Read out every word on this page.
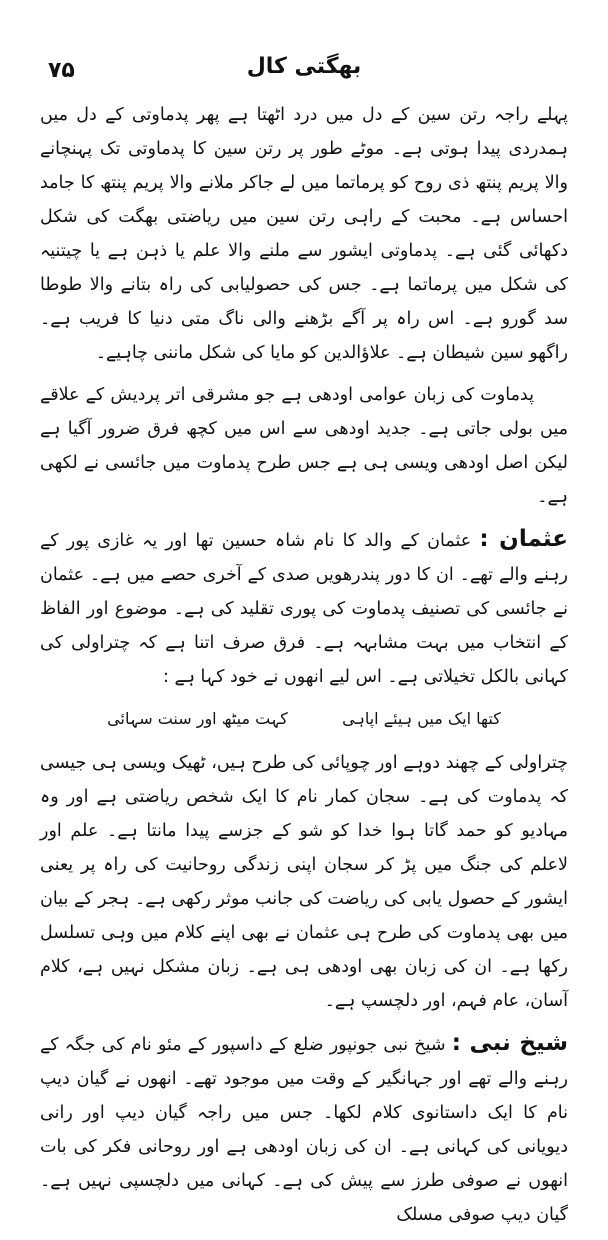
۷۵	بھگتی کال

پہلے راجہ رتن سین کے دل میں درد اٹھتا ہے پھر پدماوتی کے دل میں ہمدردی پیدا ہوتی ہے۔ موٹے طور پر رتن سین کا پدماوتی تک پہنچانے والا پریم پنتھ ذی روح کو پرماتما میں لے جاکر ملانے والا پریم پنتھ کا جامد احساس ہے۔ محبت کے راہی رتن سین میں ریاضتی بھگت کی شکل دکھائی گئی ہے۔ پدماوتی ایشور سے ملنے والا علم یا ذہن ہے یا چیتنیہ کی شکل میں پرماتما ہے۔ جس کی حصولیابی کی راہ بتانے والا طوطا سد گورو ہے۔ اس راہ پر آگے بڑھنے والی ناگ متی دنیا کا فریب ہے۔ راگھو سین شیطان ہے۔ علاؤالدین کو مایا کی شکل ماننی چاہیے۔

پدماوت کی زبان عوامی اودھی ہے جو مشرقی اتر پردیش کے علاقے میں بولی جاتی ہے۔ جدید اودھی سے اس میں کچھ فرق ضرور آگیا ہے لیکن اصل اودھی ویسی ہی ہے جس طرح پدماوت میں جائسی نے لکھی ہے۔

عثمان : عثمان کے والد کا نام شاہ حسین تھا اور یہ غازی پور کے رہنے والے تھے۔ ان کا دور پندرھویں صدی کے آخری حصے میں ہے۔ عثمان نے جائسی کی تصنیف پدماوت کی پوری تقلید کی ہے۔ موضوع اور الفاظ کے انتخاب میں بہت مشابہہ ہے۔ فرق صرف اتنا ہے کہ چتراولی کی کہانی بالکل تخیلاتی ہے۔ اس لیے انھوں نے خود کہا ہے :

کتھا ایک میں ہیئے اپاہی
کہت میٹھ اور سنت سہائی

چتراولی کے چھند دوہے اور چوپائی کی طرح ہیں، ٹھیک ویسی ہی جیسی کہ پدماوت کی ہے۔ سجان کمار نام کا ایک شخص ریاضتی ہے اور وہ مہادیو کو حمد گاتا ہوا خدا کو شو کے جزسے پیدا مانتا ہے۔ علم اور لاعلم کی جنگ میں پڑ کر سجان اپنی زندگی روحانیت کی راہ پر یعنی ایشور کے حصول یابی کی ریاضت کی جانب موثر رکھی ہے۔ ہجر کے بیان میں بھی پدماوت کی طرح ہی عثمان نے بھی اپنے کلام میں وہی تسلسل رکھا ہے۔ ان کی زبان بھی اودھی ہی ہے۔ زبان مشکل نہیں ہے، کلام آسان، عام فہم، اور دلچسپ ہے۔

شیخ نبی : شیخ نبی جونپور ضلع کے داسپور کے مئو نام کی جگہ کے رہنے والے تھے اور جہانگیر کے وقت میں موجود تھے۔ انھوں نے گیان دیپ نام کا ایک داستانوی کلام لکھا۔ جس میں راجہ گیان دیپ اور رانی دیویانی کی کہانی ہے۔ ان کی زبان اودھی ہے اور روحانی فکر کی بات انھوں نے صوفی طرز سے پیش کی ہے۔ کہانی میں دلچسپی نہیں ہے۔ گیان دیپ صوفی مسلک
